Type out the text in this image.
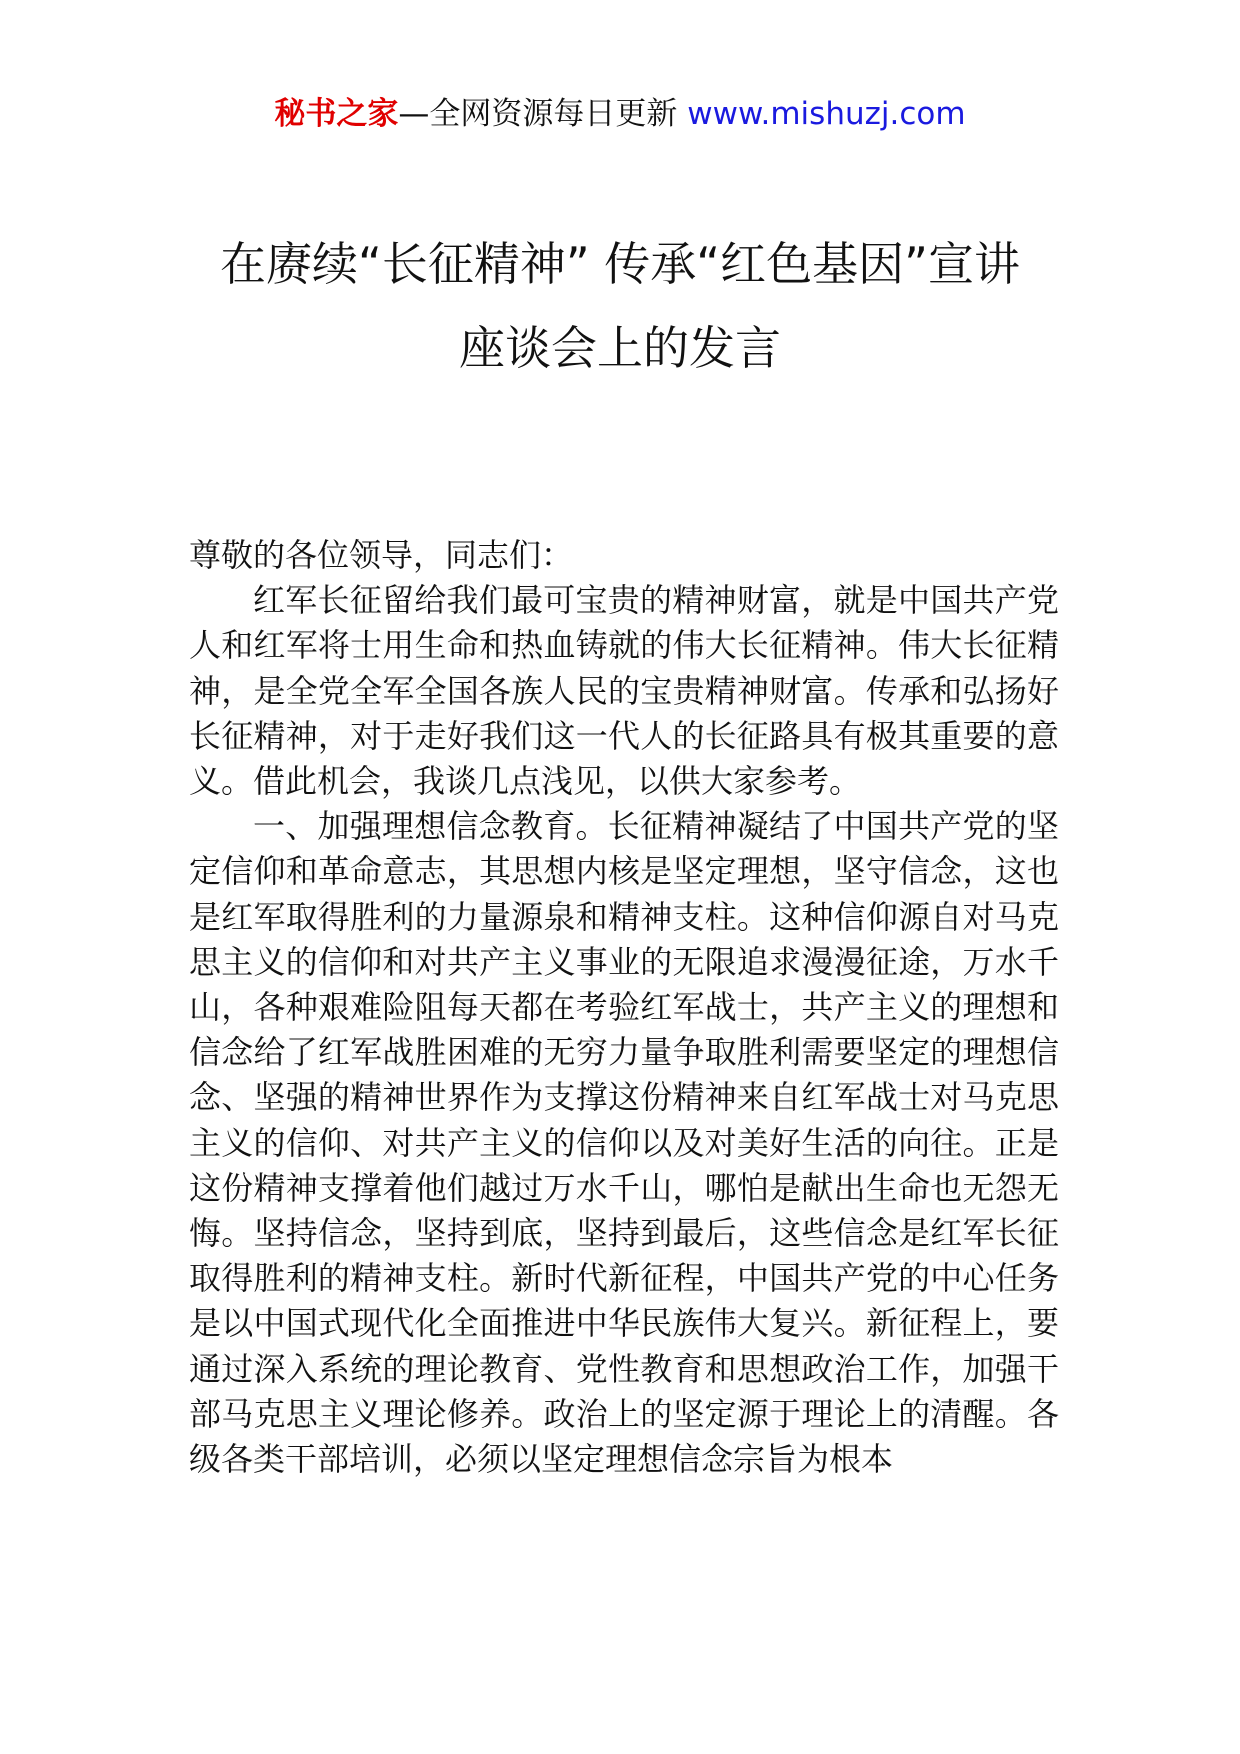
秘书之家—全网资源每日更新 www.mishuzj.com
在赓续“长征精神” 传承“红色基因”宣讲
座谈会上的发言

尊敬的各位领导，同志们：

红军长征留给我们最可宝贵的精神财富，就是中国共产党人和红军将士用生命和热血铸就的伟大长征精神。伟大长征精神，是全党全军全国各族人民的宝贵精神财富。传承和弘扬好长征精神，对于走好我们这一代人的长征路具有极其重要的意义。借此机会，我谈几点浅见，以供大家参考。

一、加强理想信念教育。长征精神凝结了中国共产党的坚定信仰和革命意志，其思想内核是坚定理想，坚守信念，这也是红军取得胜利的力量源泉和精神支柱。这种信仰源自对马克思主义的信仰和对共产主义事业的无限追求漫漫征途，万水千山，各种艰难险阻每天都在考验红军战士，共产主义的理想和信念给了红军战胜困难的无穷力量争取胜利需要坚定的理想信念、坚强的精神世界作为支撑这份精神来自红军战士对马克思主义的信仰、对共产主义的信仰以及对美好生活的向往。正是这份精神支撑着他们越过万水千山，哪怕是献出生命也无怨无悔。坚持信念，坚持到底，坚持到最后，这些信念是红军长征取得胜利的精神支柱。新时代新征程，中国共产党的中心任务是以中国式现代化全面推进中华民族伟大复兴。新征程上，要通过深入系统的理论教育、党性教育和思想政治工作，加强干部马克思主义理论修养。政治上的坚定源于理论上的清醒。各级各类干部培训，必须以坚定理想信念宗旨为根本
